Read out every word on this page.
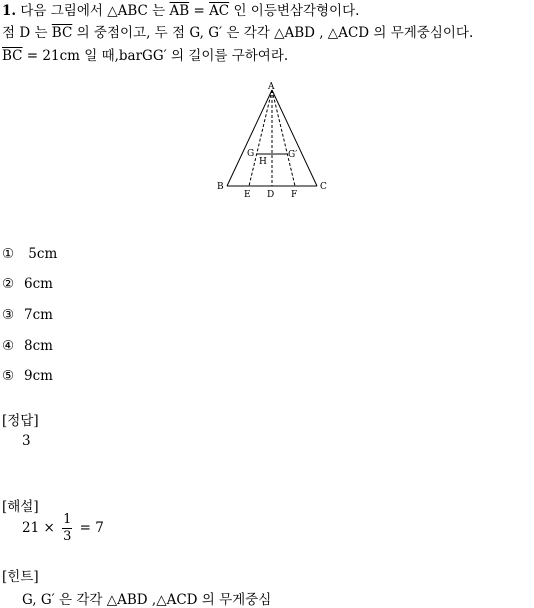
1. 다음 그림에서 △ABC 는 $\overline{AB} = \overline{AC}$ 인 이등변삼각형이다.
점 D 는 $\overline{BC}$ 의 중점이고, 두 점 G, G′ 은 각각 △ABD , △ACD 의 무게중심이다.
$\overline{BC} = 21cm$ 일 때,barGG′ 의 길이를 구하여라.
A
B	C
E D F
G	G′
H
① 5cm
② 6cm
③ 7cm
④ 8cm
⑤ 9cm
[정답]
3
[해설]
$21 \times \frac{1}{3} = 7$
[힌트]
G, G′ 은 각각 △ABD ,△ACD 의 무게중심
